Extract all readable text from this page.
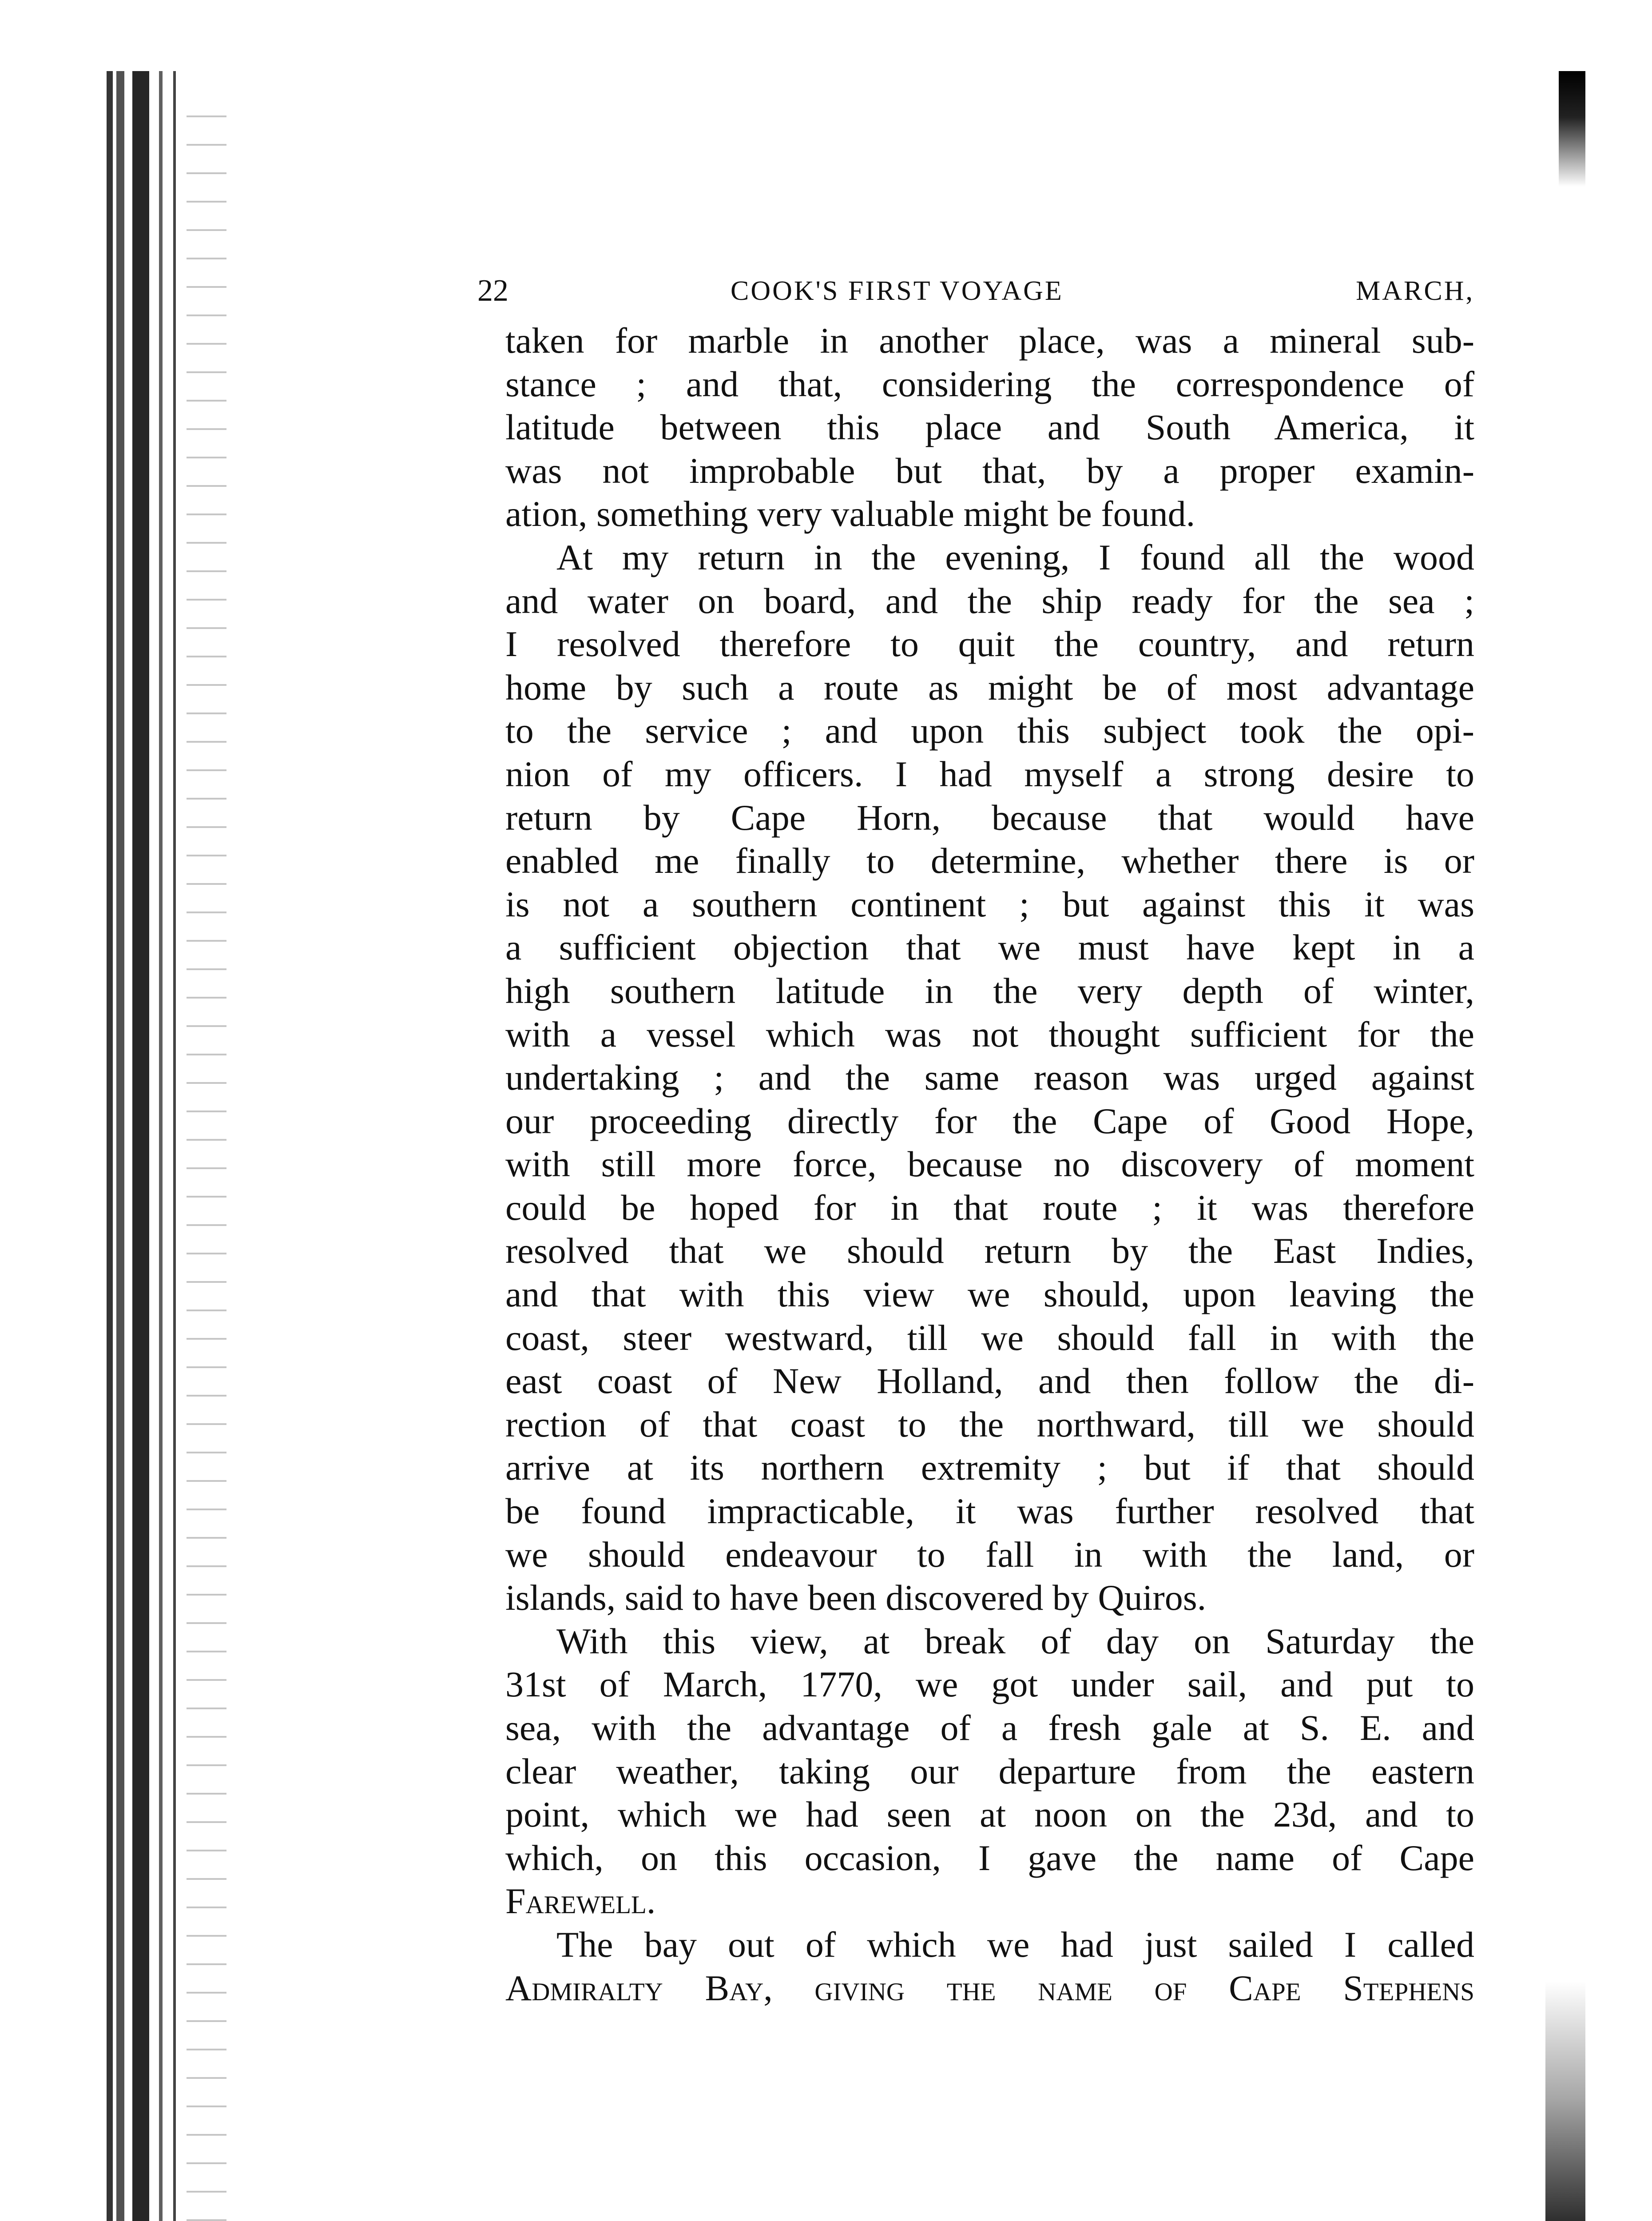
22	COOK'S FIRST VOYAGE	MARCH,
taken for marble in another place, was a mineral sub-
stance ; and that, considering the correspondence of
latitude between this place and South America, it
was not improbable but that, by a proper examin-
ation, something very valuable might be found.
At my return in the evening, I found all the wood
and water on board, and the ship ready for the sea ;
I resolved therefore to quit the country, and return
home by such a route as might be of most advantage
to the service ; and upon this subject took the opi-
nion of my officers. I had myself a strong desire to
return by Cape Horn, because that would have
enabled me finally to determine, whether there is or
is not a southern continent ; but against this it was
a sufficient objection that we must have kept in a
high southern latitude in the very depth of winter,
with a vessel which was not thought sufficient for the
undertaking ; and the same reason was urged against
our proceeding directly for the Cape of Good Hope,
with still more force, because no discovery of moment
could be hoped for in that route ; it was therefore
resolved that we should return by the East Indies,
and that with this view we should, upon leaving the
coast, steer westward, till we should fall in with the
east coast of New Holland, and then follow the di-
rection of that coast to the northward, till we should
arrive at its northern extremity ; but if that should
be found impracticable, it was further resolved that
we should endeavour to fall in with the land, or
islands, said to have been discovered by Quiros.
With this view, at break of day on Saturday the
31st of March, 1770, we got under sail, and put to
sea, with the advantage of a fresh gale at S. E. and
clear weather, taking our departure from the eastern
point, which we had seen at noon on the 23d, and to
which, on this occasion, I gave the name of Cape
Farewell.
The bay out of which we had just sailed I called
Admiralty Bay, giving the name of Cape Stephens
